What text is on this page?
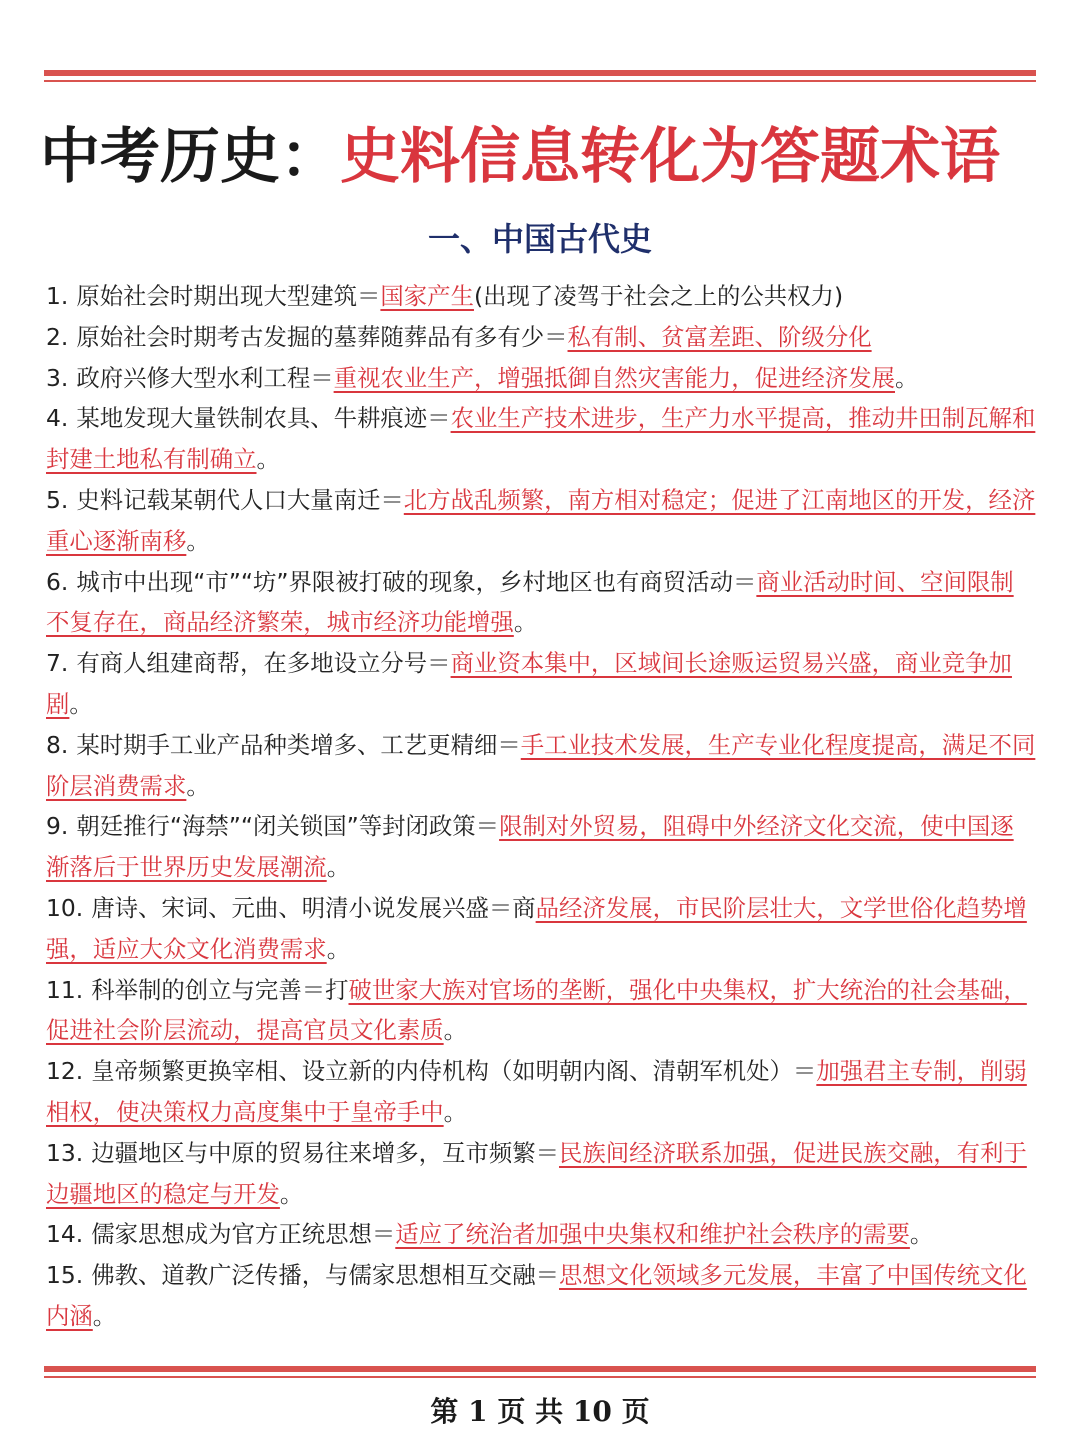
中考历史：史料信息转化为答题术语
一、中国古代史
1. 原始社会时期出现大型建筑＝国家产生(出现了凌驾于社会之上的公共权力)
2. 原始社会时期考古发掘的墓葬随葬品有多有少＝私有制、贫富差距、阶级分化
3. 政府兴修大型水利工程＝重视农业生产，增强抵御自然灾害能力，促进经济发展。
4. 某地发现大量铁制农具、牛耕痕迹＝农业生产技术进步，生产力水平提高，推动井田制瓦解和封建土地私有制确立。
5. 史料记载某朝代人口大量南迁＝北方战乱频繁，南方相对稳定；促进了江南地区的开发，经济重心逐渐南移。
6. 城市中出现“市”“坊”界限被打破的现象，乡村地区也有商贸活动＝商业活动时间、空间限制不复存在，商品经济繁荣，城市经济功能增强。
7. 有商人组建商帮，在多地设立分号＝商业资本集中，区域间长途贩运贸易兴盛，商业竞争加剧。
8. 某时期手工业产品种类增多、工艺更精细＝手工业技术发展，生产专业化程度提高，满足不同阶层消费需求。
9. 朝廷推行“海禁”“闭关锁国”等封闭政策＝限制对外贸易，阻碍中外经济文化交流，使中国逐渐落后于世界历史发展潮流。
10. 唐诗、宋词、元曲、明清小说发展兴盛＝商品经济发展，市民阶层壮大，文学世俗化趋势增强，适应大众文化消费需求。
11. 科举制的创立与完善＝打破世家大族对官场的垄断，强化中央集权，扩大统治的社会基础，促进社会阶层流动，提高官员文化素质。
12. 皇帝频繁更换宰相、设立新的内侍机构（如明朝内阁、清朝军机处）＝加强君主专制，削弱相权，使决策权力高度集中于皇帝手中。
13. 边疆地区与中原的贸易往来增多，互市频繁＝民族间经济联系加强，促进民族交融，有利于边疆地区的稳定与开发。
14. 儒家思想成为官方正统思想＝适应了统治者加强中央集权和维护社会秩序的需要。
15. 佛教、道教广泛传播，与儒家思想相互交融＝思想文化领域多元发展，丰富了中国传统文化内涵。
第 1 页 共 10 页
